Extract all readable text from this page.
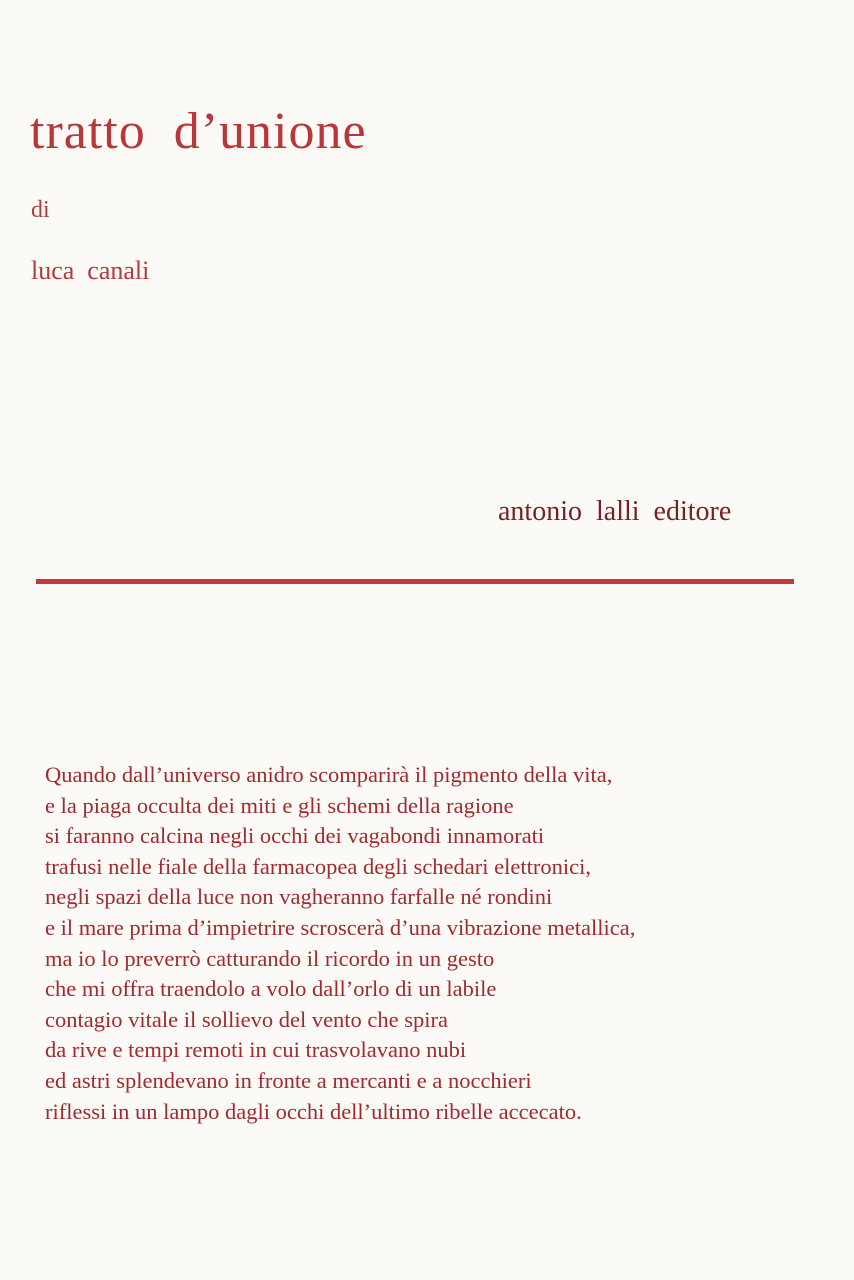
tratto  d’unione
di
luca  canali
antonio  lalli  editore
Quando dall’universo anidro scomparirà il pigmento della vita,
e la piaga occulta dei miti e gli schemi della ragione
si faranno calcina negli occhi dei vagabondi innamorati
trafusi nelle fiale della farmacopea degli schedari elettronici,
negli spazi della luce non vagheranno farfalle né rondini
e il mare prima d’impietrire scroscerà d’una vibrazione metallica,
ma io lo preverrò catturando il ricordo in un gesto
che mi offra traendolo a volo dall’orlo di un labile
contagio vitale il sollievo del vento che spira
da rive e tempi remoti in cui trasvolavano nubi
ed astri splendevano in fronte a mercanti e a nocchieri
riflessi in un lampo dagli occhi dell’ultimo ribelle accecato.
